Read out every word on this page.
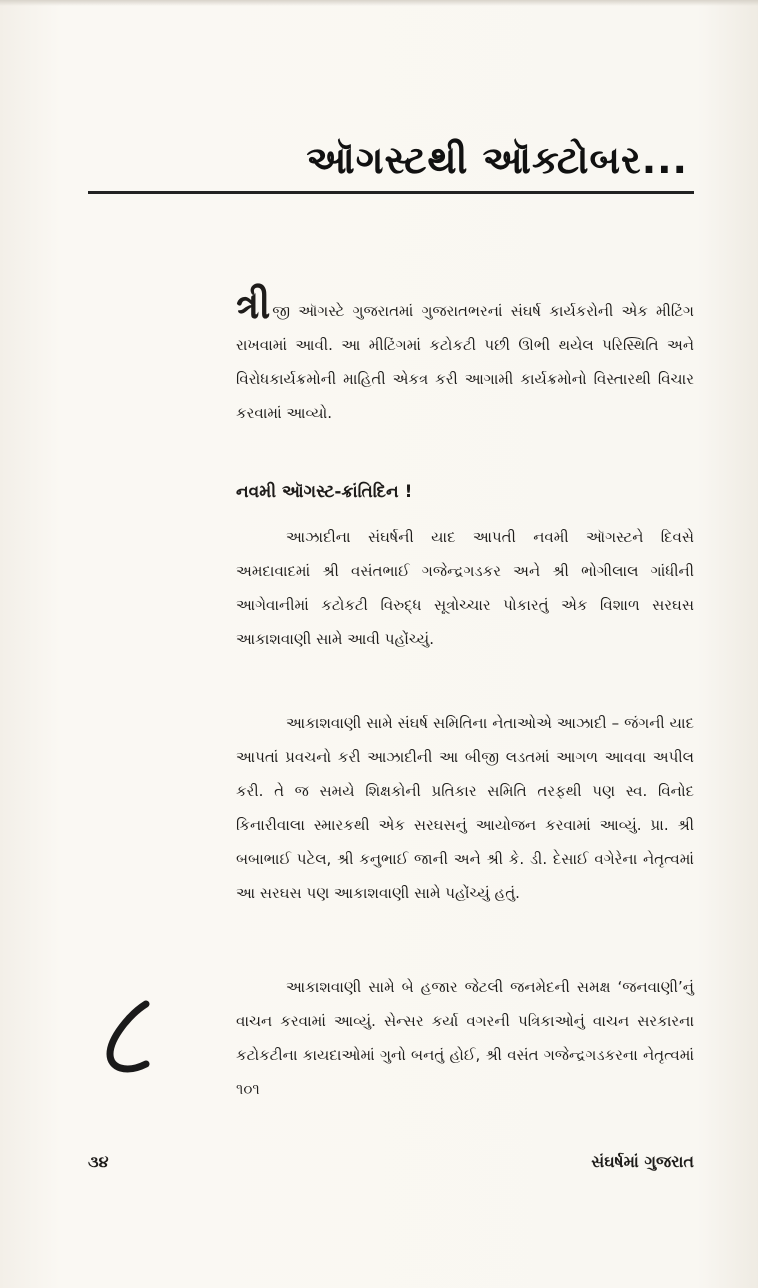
ઑગસ્ટથી ઑક્ટોબર...
ત્રી જી ઑગસ્ટે ગુજરાતમાં ગુજરાતભરનાં સંઘર્ષ કાર્યકરોની એક મીટિંગ રાખવામાં આવી. આ મીટિંગમાં કટોકટી પછી ઊભી થયેલ પરિસ્થિતિ અને વિરોધકાર્યક્રમોની માહિતી એકત્ર કરી આગામી કાર્યક્રમોનો વિસ્તારથી વિચાર કરવામાં આવ્યો.
નવમી ઑગસ્ટ-ક્રાંતિદિન !
આઝાદીના સંઘર્ષની યાદ આપતી નવમી ઑગસ્ટને દિવસે અમદાવાદમાં શ્રી વસંતભાઈ ગજેન્દ્રગડકર અને શ્રી ભોગીલાલ ગાંધીની આગેવાનીમાં કટોકટી વિરુદ્ધ સૂત્રોચ્ચાર પોકારતું એક વિશાળ સરઘસ આકાશવાણી સામે આવી પહોંચ્યું.
આકાશવાણી સામે સંઘર્ષ સમિતિના નેતાઓએ આઝાદી – જંગની યાદ આપતાં પ્રવચનો કરી આઝાદીની આ બીજી લડતમાં આગળ આવવા અપીલ કરી. તે જ સમયે શિક્ષકોની પ્રતિકાર સમિતિ તરફથી પણ સ્વ. વિનોદ કિનારીવાલા સ્મારકથી એક સરઘસનું આયોજન કરવામાં આવ્યું. પ્રા. શ્રી બબાભાઈ પટેલ, શ્રી કનુભાઈ જાની અને શ્રી કે. ડી. દેસાઈ વગેરેના નેતૃત્વમાં આ સરઘસ પણ આકાશવાણી સામે પહોંચ્યું હતું.
આકાશવાણી સામે બે હજાર જેટલી જનમેદની સમક્ષ ‘જનવાણી’નું વાચન કરવામાં આવ્યું. સેન્સર કર્યા વગરની પત્રિકાઓનું વાચન સરકારના કટોકટીના કાયદાઓમાં ગુનો બનતું હોઈ, શ્રી વસંત ગજેન્દ્રગડકરના નેતૃત્વમાં ૧૦૧
૩૪	સંઘર્ષમાં ગુજરાત
